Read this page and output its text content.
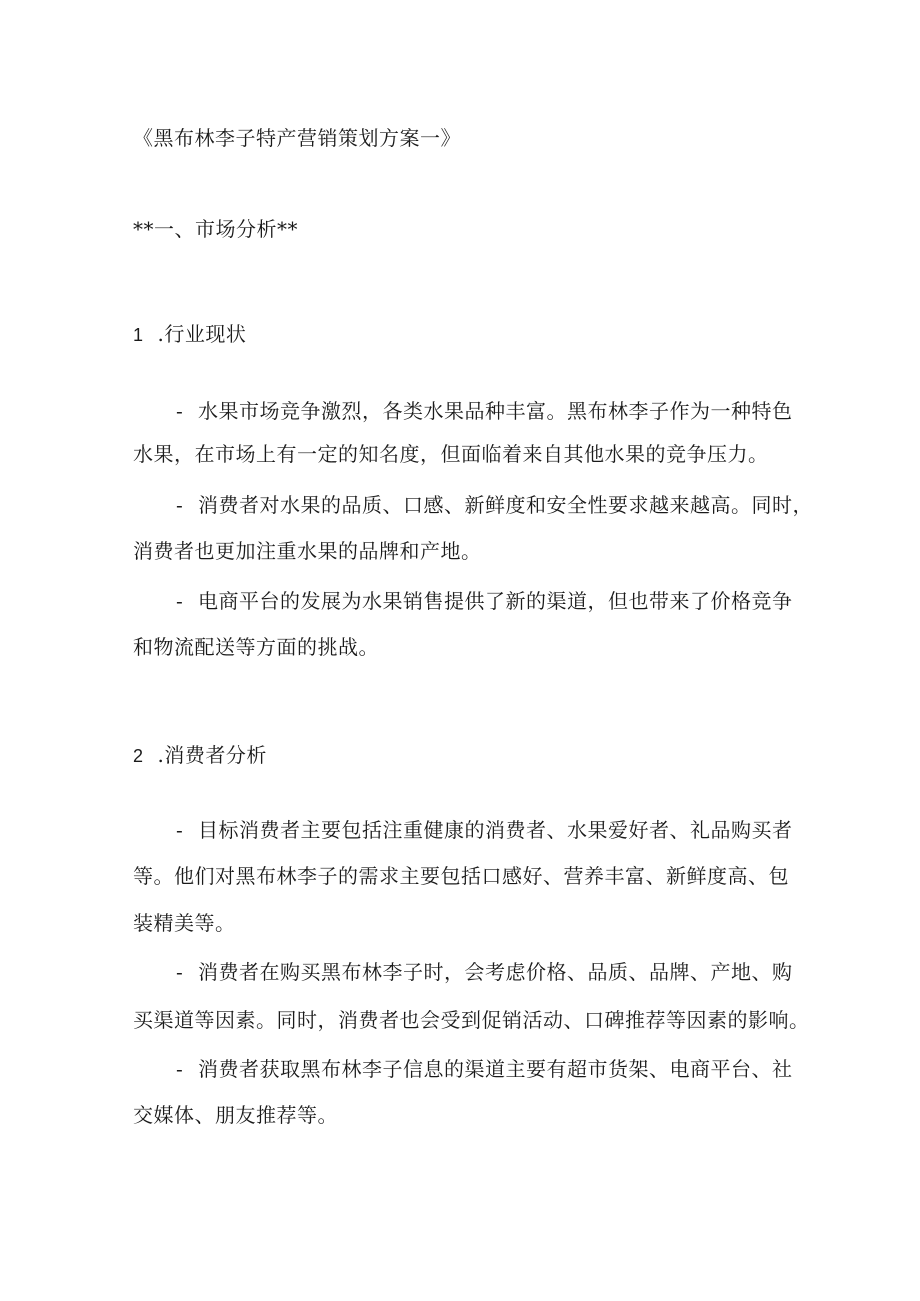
《黑布林李子特产营销策划方案一》
**一、市场分析**
1 .行业现状
- 水果市场竞争激烈，各类水果品种丰富。黑布林李子作为一种特色
水果，在市场上有一定的知名度，但面临着来自其他水果的竞争压力。
- 消费者对水果的品质、口感、新鲜度和安全性要求越来越高。同时，
消费者也更加注重水果的品牌和产地。
- 电商平台的发展为水果销售提供了新的渠道，但也带来了价格竞争
和物流配送等方面的挑战。
2 .消费者分析
- 目标消费者主要包括注重健康的消费者、水果爱好者、礼品购买者
等。他们对黑布林李子的需求主要包括口感好、营养丰富、新鲜度高、包
装精美等。
- 消费者在购买黑布林李子时，会考虑价格、品质、品牌、产地、购
买渠道等因素。同时，消费者也会受到促销活动、口碑推荐等因素的影响。
- 消费者获取黑布林李子信息的渠道主要有超市货架、电商平台、社
交媒体、朋友推荐等。
